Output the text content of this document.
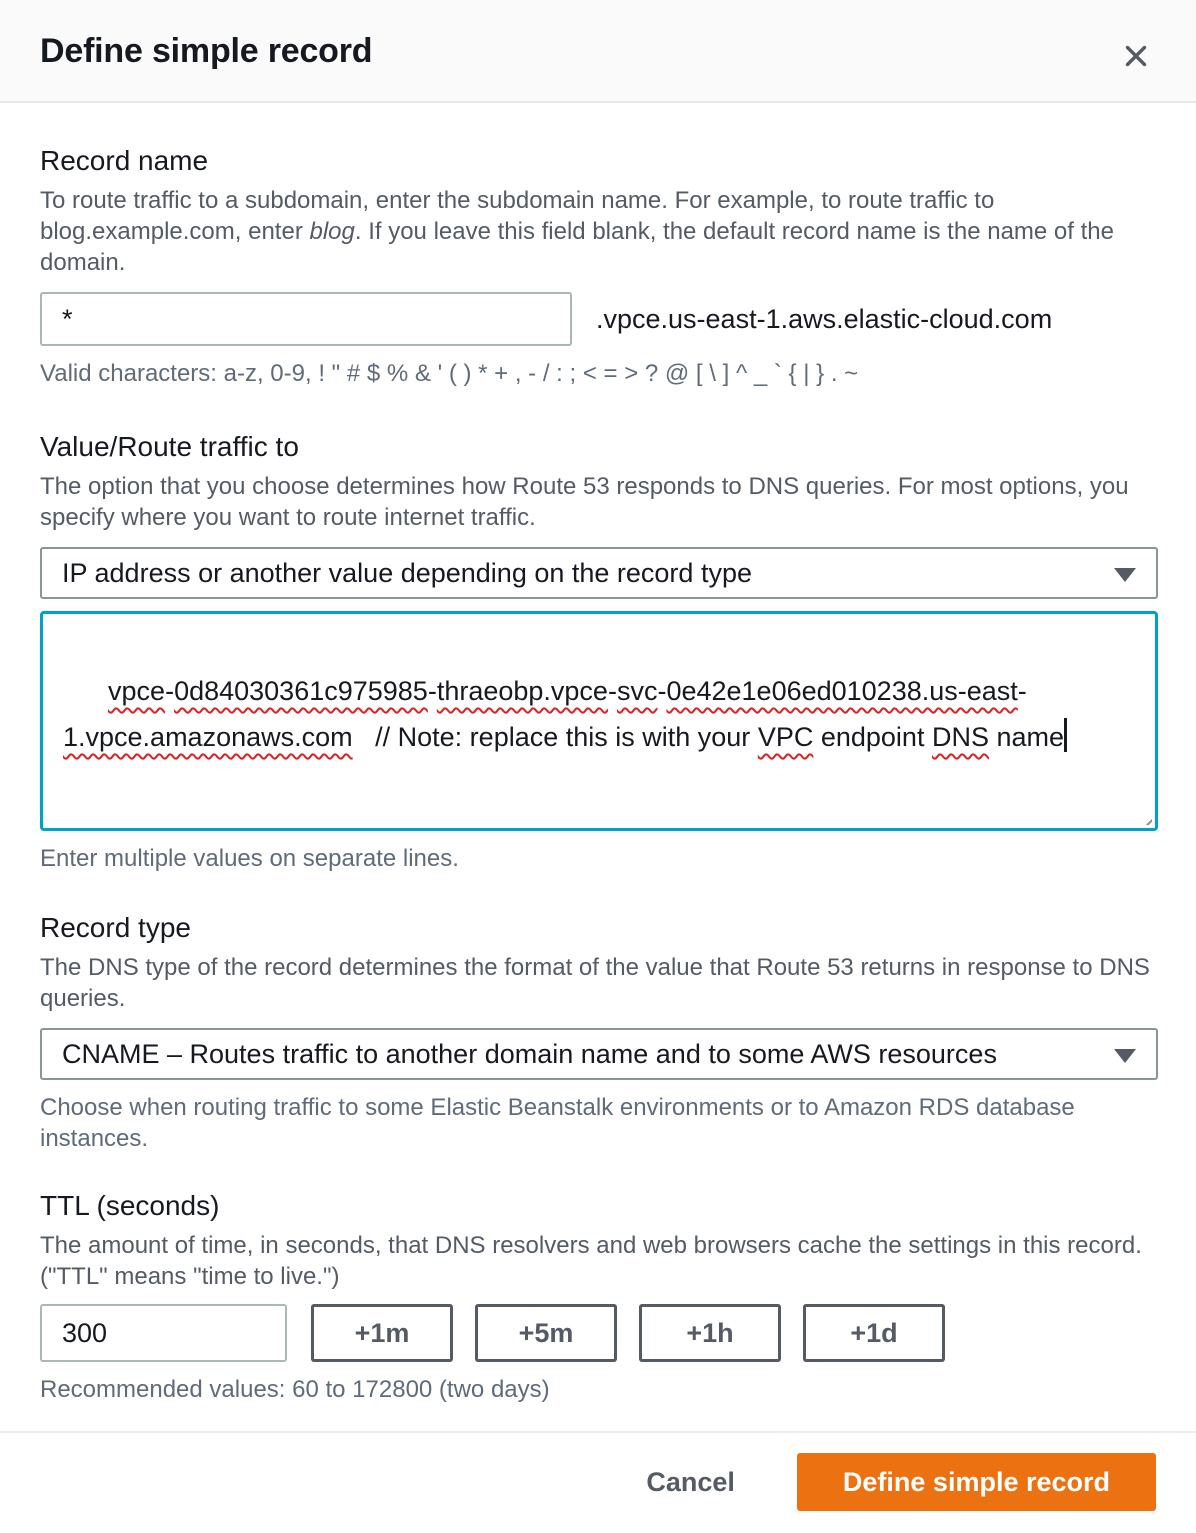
Define simple record
Record name
To route traffic to a subdomain, enter the subdomain name. For example, to route traffic to blog.example.com, enter blog. If you leave this field blank, the default record name is the name of the domain.
*
.vpce.us-east-1.aws.elastic-cloud.com
Valid characters: a-z, 0-9, ! " # $ % & ' ( ) * + , - / : ; < = > ? @ [ \ ] ^ _ ` { | } . ~
Value/Route traffic to
The option that you choose determines how Route 53 responds to DNS queries. For most options, you specify where you want to route internet traffic.
IP address or another value depending on the record type

vpce-0d84030361c975985-thraeobp.vpce-svc-0e42e1e06ed010238.us-east-1.vpce.amazonaws.com   // Note: replace this is with your VPC endpoint DNS name

Enter multiple values on separate lines.
Record type
The DNS type of the record determines the format of the value that Route 53 returns in response to DNS queries.
CNAME – Routes traffic to another domain name and to some AWS resources
Choose when routing traffic to some Elastic Beanstalk environments or to Amazon RDS database instances.
TTL (seconds)
The amount of time, in seconds, that DNS resolvers and web browsers cache the settings in this record. ("TTL" means "time to live.")
300
+1m	+5m	+1h	+1d
Recommended values: 60 to 172800 (two days)
Cancel	Define simple record
